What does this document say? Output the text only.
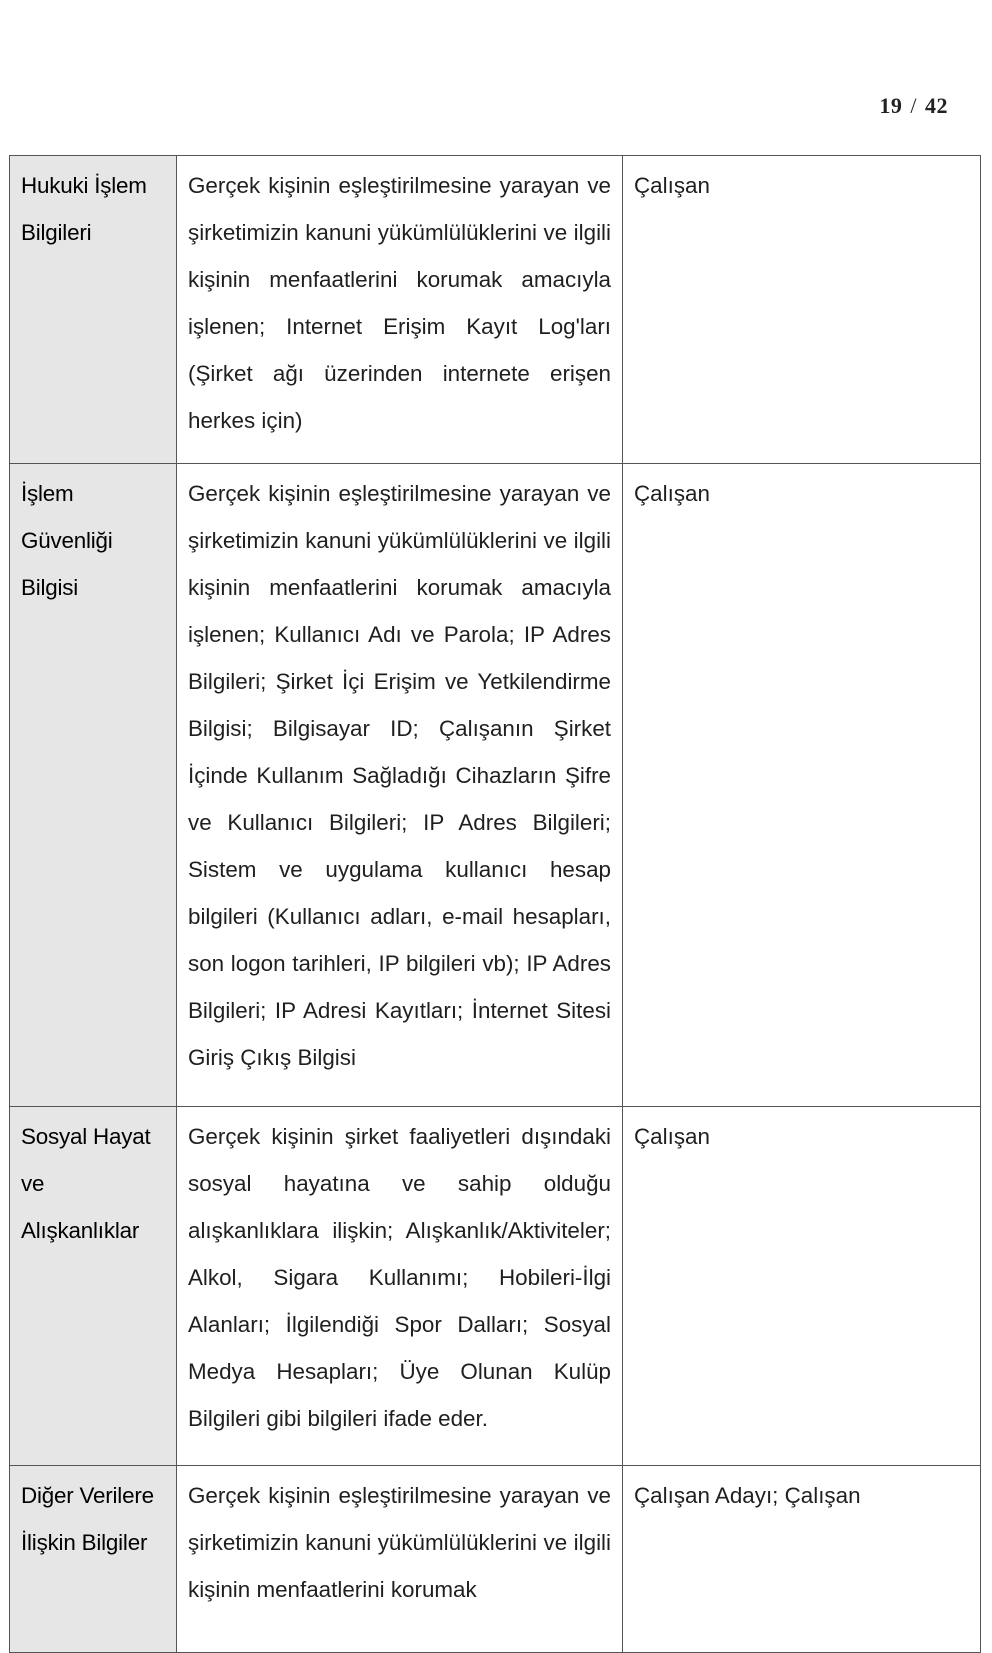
19 / 42
Hukuki İşlem Bilgileri	Gerçek kişinin eşleştirilmesine yarayan ve şirketimizin kanuni yükümlülüklerini ve ilgili kişinin menfaatlerini korumak amacıyla işlenen; Internet Erişim Kayıt Log'ları (Şirket ağı üzerinden internete erişen herkes için)	Çalışan
İşlem Güvenliği Bilgisi	Gerçek kişinin eşleştirilmesine yarayan ve şirketimizin kanuni yükümlülüklerini ve ilgili kişinin menfaatlerini korumak amacıyla işlenen; Kullanıcı Adı ve Parola; IP Adres Bilgileri; Şirket İçi Erişim ve Yetkilendirme Bilgisi; Bilgisayar ID; Çalışanın Şirket İçinde Kullanım Sağladığı Cihazların Şifre ve Kullanıcı Bilgileri; IP Adres Bilgileri; Sistem ve uygulama kullanıcı hesap bilgileri (Kullanıcı adları, e-mail hesapları, son logon tarihleri, IP bilgileri vb); IP Adres Bilgileri; IP Adresi Kayıtları; İnternet Sitesi Giriş Çıkış Bilgisi	Çalışan
Sosyal Hayat ve Alışkanlıklar	Gerçek kişinin şirket faaliyetleri dışındaki sosyal hayatına ve sahip olduğu alışkanlıklara ilişkin; Alışkanlık/Aktiviteler; Alkol, Sigara Kullanımı; Hobileri-İlgi Alanları; İlgilendiği Spor Dalları; Sosyal Medya Hesapları; Üye Olunan Kulüp Bilgileri gibi bilgileri ifade eder.	Çalışan
Diğer Verilere İlişkin Bilgiler	Gerçek kişinin eşleştirilmesine yarayan ve şirketimizin kanuni yükümlülüklerini ve ilgili kişinin menfaatlerini korumak	Çalışan Adayı; Çalışan
